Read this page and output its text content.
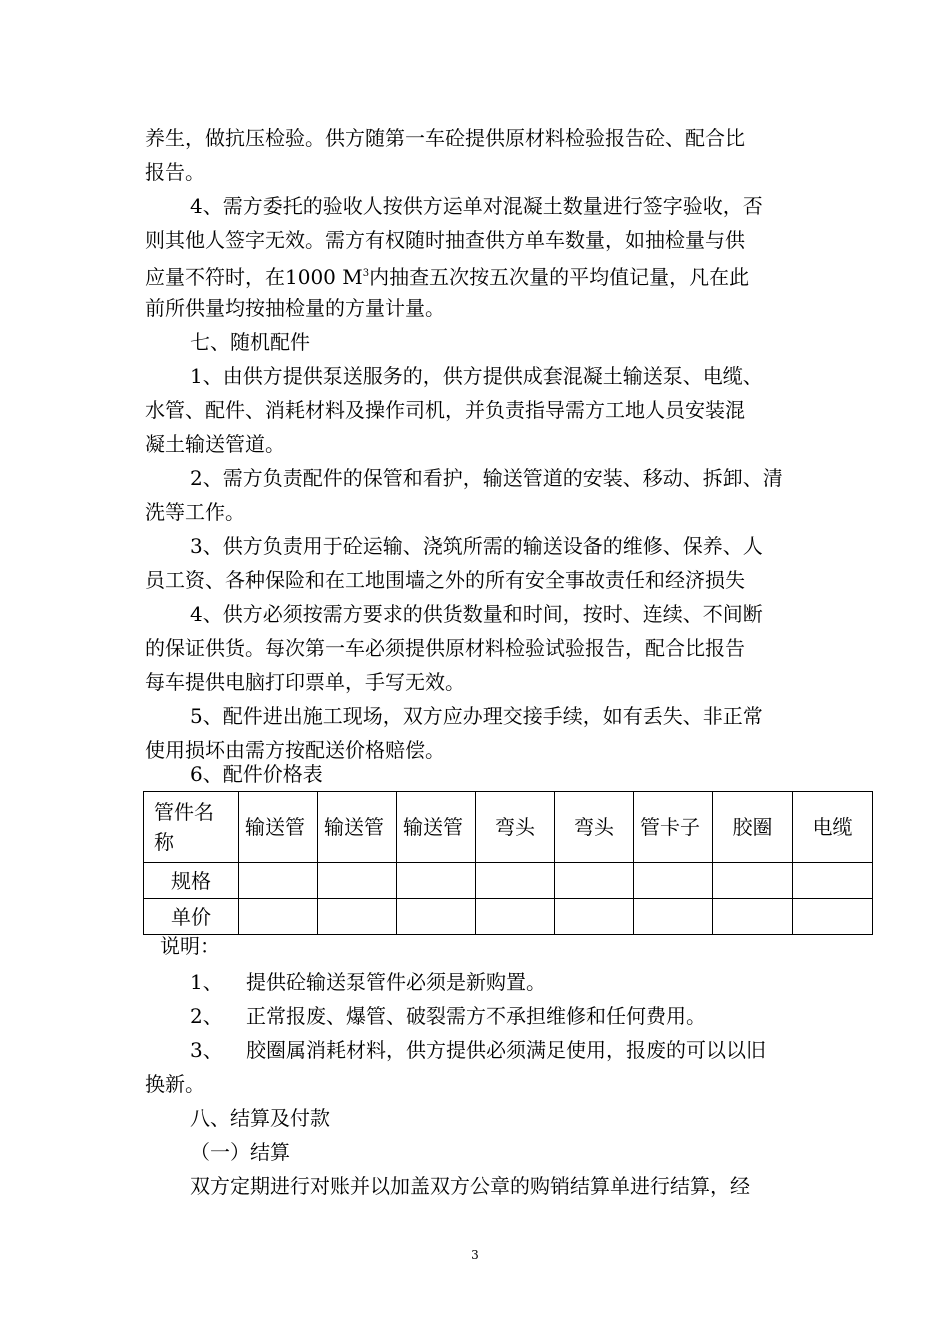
养生，做抗压检验。供方随第一车砼提供原材料检验报告砼、配合比
报告。
4、需方委托的验收人按供方运单对混凝土数量进行签字验收，否
则其他人签字无效。需方有权随时抽查供方单车数量，如抽检量与供
应量不符时，在1000 $M^3$内抽查五次按五次量的平均值记量，凡在此
前所供量均按抽检量的方量计量。
七、随机配件
1、由供方提供泵送服务的，供方提供成套混凝土输送泵、电缆、
水管、配件、消耗材料及操作司机，并负责指导需方工地人员安装混
凝土输送管道。
2、需方负责配件的保管和看护，输送管道的安装、移动、拆卸、清
洗等工作。
3、供方负责用于砼运输、浇筑所需的输送设备的维修、保养、人
员工资、各种保险和在工地围墙之外的所有安全事故责任和经济损失
4、供方必须按需方要求的供货数量和时间，按时、连续、不间断
的保证供货。每次第一车必须提供原材料检验试验报告，配合比报告
每车提供电脑打印票单，手写无效。
5、配件进出施工现场，双方应办理交接手续，如有丢失、非正常
使用损坏由需方按配送价格赔偿。
6、配件价格表
管件名称	输送管	输送管	输送管	弯头	弯头	管卡子	胶圈	电缆
规格								
单价								
说明：
1、	提供砼输送泵管件必须是新购置。
2、	正常报废、爆管、破裂需方不承担维修和任何费用。
3、	胶圈属消耗材料，供方提供必须满足使用，报废的可以以旧
换新。
八、结算及付款
（一）结算
双方定期进行对账并以加盖双方公章的购销结算单进行结算，经
3
